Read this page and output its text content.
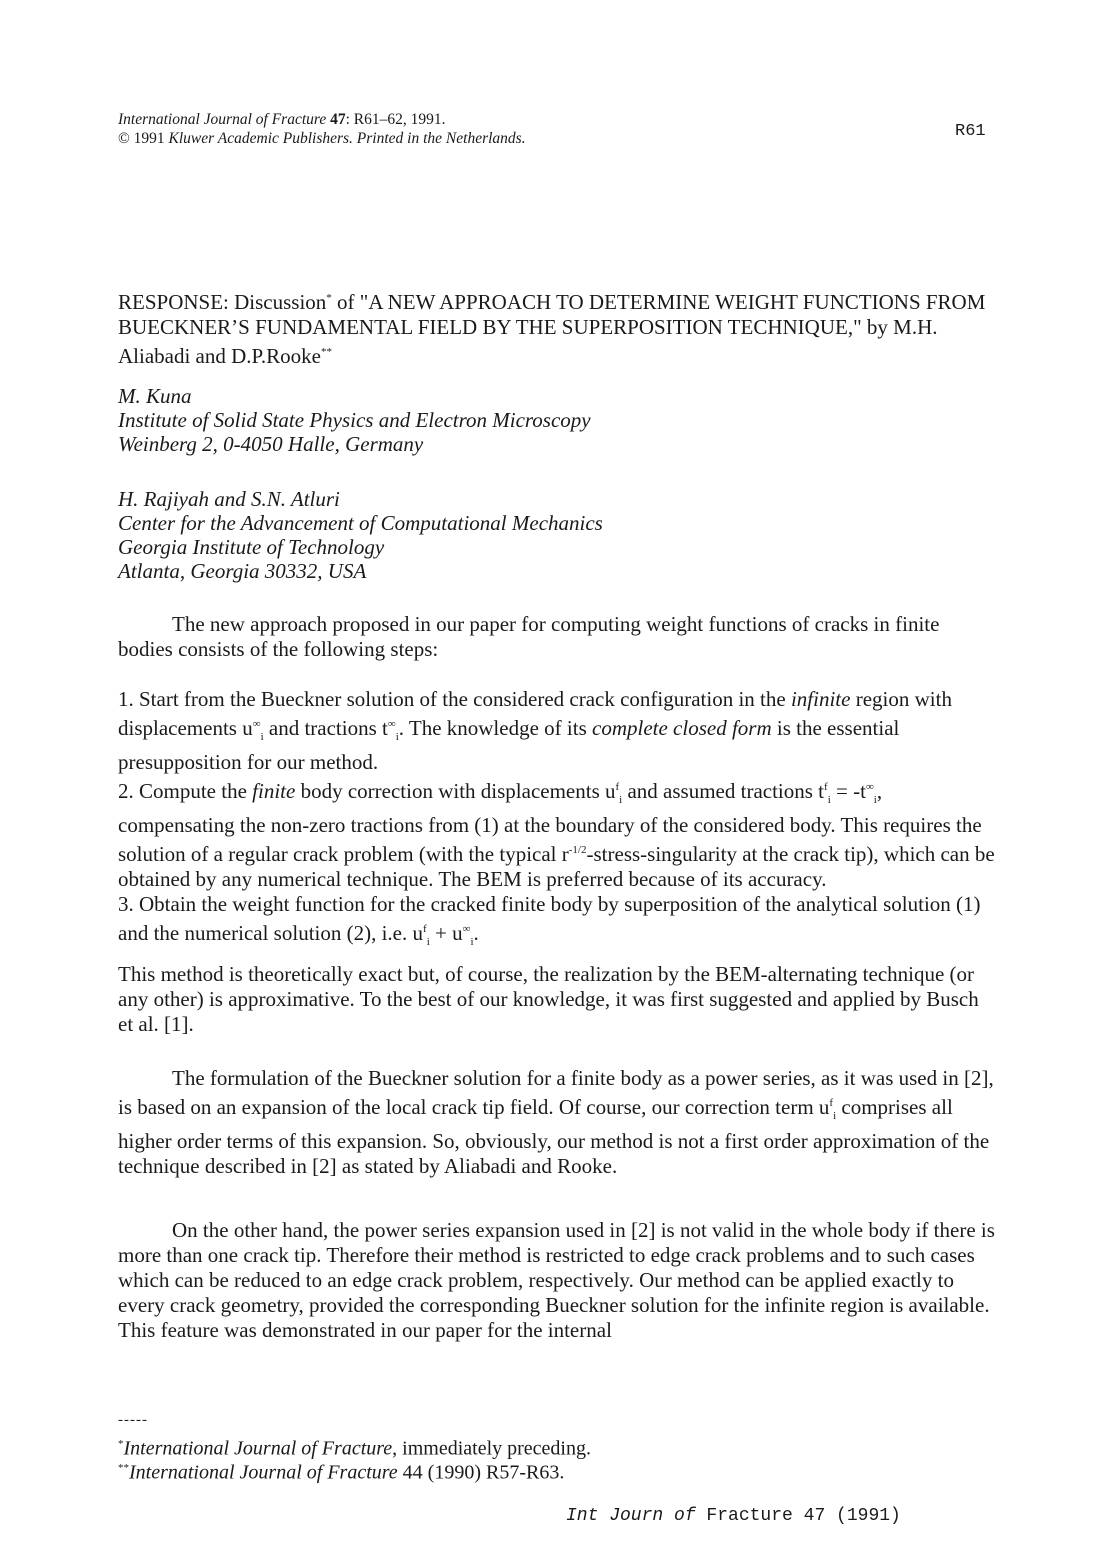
International Journal of Fracture 47: R61–62, 1991.
© 1991 Kluwer Academic Publishers. Printed in the Netherlands.	R61
RESPONSE: Discussion* of "A NEW APPROACH TO DETERMINE WEIGHT FUNCTIONS FROM BUECKNER’S FUNDAMENTAL FIELD BY THE SUPERPOSITION TECHNIQUE," by M.H. Aliabadi and D.P.Rooke**
M. Kuna
Institute of Solid State Physics and Electron Microscopy
Weinberg 2, 0-4050 Halle, Germany
H. Rajiyah and S.N. Atluri
Center for the Advancement of Computational Mechanics
Georgia Institute of Technology
Atlanta, Georgia 30332, USA
The new approach proposed in our paper for computing weight functions of cracks in finite bodies consists of the following steps:
1. Start from the Bueckner solution of the considered crack configuration in the infinite region with displacements $u^\infty_i$ and tractions $t^\infty_i$. The knowledge of its complete closed form is the essential presupposition for our method.
2. Compute the finite body correction with displacements $u^f_i$ and assumed tractions $t^f_i = -t^\infty_i$, compensating the non-zero tractions from (1) at the boundary of the considered body. This requires the solution of a regular crack problem (with the typical $r^{-1/2}-stress$-singularity at the crack tip), which can be obtained by any numerical technique. The BEM is preferred because of its accuracy.
3. Obtain the weight function for the cracked finite body by superposition of the analytical solution (1) and the numerical solution (2), i.e. $u^f_i + u^\infty_i$.
This method is theoretically exact but, of course, the realization by the BEM-alternating technique (or any other) is approximative. To the best of our knowledge, it was first suggested and applied by Busch et al. [1].
The formulation of the Bueckner solution for a finite body as a power series, as it was used in [2], is based on an expansion of the local crack tip field. Of course, our correction term $u^f_i$ comprises all higher order terms of this expansion. So, obviously, our method is not a first order approximation of the technique described in [2] as stated by Aliabadi and Rooke.
On the other hand, the power series expansion used in [2] is not valid in the whole body if there is more than one crack tip. Therefore their method is restricted to edge crack problems and to such cases which can be reduced to an edge crack problem, respectively. Our method can be applied exactly to every crack geometry, provided the corresponding Bueckner solution for the infinite region is available. This feature was demonstrated in our paper for the internal
-----
*International Journal of Fracture, immediately preceding.
**International Journal of Fracture 44 (1990) R57-R63.
Int Journ of Fracture 47 (1991)
